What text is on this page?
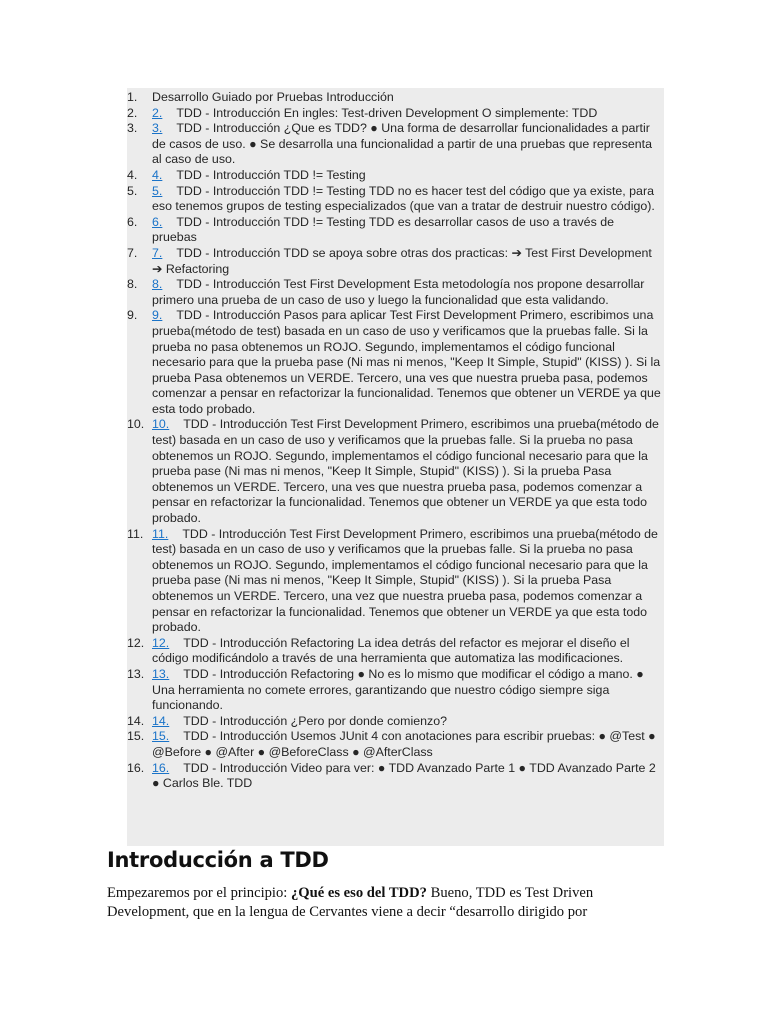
1. Desarrollo Guiado por Pruebas Introducción
2. 2. TDD - Introducción En ingles: Test-driven Development O simplemente: TDD
3. 3. TDD - Introducción ¿Que es TDD? ● Una forma de desarrollar funcionalidades a partir de casos de uso. ● Se desarrolla una funcionalidad a partir de una pruebas que representa al caso de uso.
4. 4. TDD - Introducción TDD != Testing
5. 5. TDD - Introducción TDD != Testing TDD no es hacer test del código que ya existe, para eso tenemos grupos de testing especializados (que van a tratar de destruir nuestro código).
6. 6. TDD - Introducción TDD != Testing TDD es desarrollar casos de uso a través de pruebas
7. 7. TDD - Introducción TDD se apoya sobre otras dos practicas: ➔ Test First Development ➔ Refactoring
8. 8. TDD - Introducción Test First Development Esta metodología nos propone desarrollar primero una prueba de un caso de uso y luego la funcionalidad que esta validando.
9. 9. TDD - Introducción Pasos para aplicar Test First Development Primero, escribimos una prueba(método de test) basada en un caso de uso y verificamos que la pruebas falle. Si la prueba no pasa obtenemos un ROJO. Segundo, implementamos el código funcional necesario para que la prueba pase (Ni mas ni menos, "Keep It Simple, Stupid" (KISS) ). Si la prueba Pasa obtenemos un VERDE. Tercero, una ves que nuestra prueba pasa, podemos comenzar a pensar en refactorizar la funcionalidad. Tenemos que obtener un VERDE ya que esta todo probado.
10. 10. TDD - Introducción Test First Development Primero, escribimos una prueba(método de test) basada en un caso de uso y verificamos que la pruebas falle. Si la prueba no pasa obtenemos un ROJO. Segundo, implementamos el código funcional necesario para que la prueba pase (Ni mas ni menos, "Keep It Simple, Stupid" (KISS) ). Si la prueba Pasa obtenemos un VERDE. Tercero, una ves que nuestra prueba pasa, podemos comenzar a pensar en refactorizar la funcionalidad. Tenemos que obtener un VERDE ya que esta todo probado.
11. 11. TDD - Introducción Test First Development Primero, escribimos una prueba(método de test) basada en un caso de uso y verificamos que la pruebas falle. Si la prueba no pasa obtenemos un ROJO. Segundo, implementamos el código funcional necesario para que la prueba pase (Ni mas ni menos, "Keep It Simple, Stupid" (KISS) ). Si la prueba Pasa obtenemos un VERDE. Tercero, una vez que nuestra prueba pasa, podemos comenzar a pensar en refactorizar la funcionalidad. Tenemos que obtener un VERDE ya que esta todo probado.
12. 12. TDD - Introducción Refactoring La idea detrás del refactor es mejorar el diseño el código modificándolo a través de una herramienta que automatiza las modificaciones.
13. 13. TDD - Introducción Refactoring ● No es lo mismo que modificar el código a mano. ● Una herramienta no comete errores, garantizando que nuestro código siempre siga funcionando.
14. 14. TDD - Introducción ¿Pero por donde comienzo?
15. 15. TDD - Introducción Usemos JUnit 4 con anotaciones para escribir pruebas: ● @Test ● @Before ● @After ● @BeforeClass ● @AfterClass
16. 16. TDD - Introducción Video para ver: ● TDD Avanzado Parte 1 ● TDD Avanzado Parte 2 ● Carlos Ble. TDD
Introducción a TDD

Empezaremos por el principio: ¿Qué es eso del TDD? Bueno, TDD es Test Driven Development, que en la lengua de Cervantes viene a decir “desarrollo dirigido por
